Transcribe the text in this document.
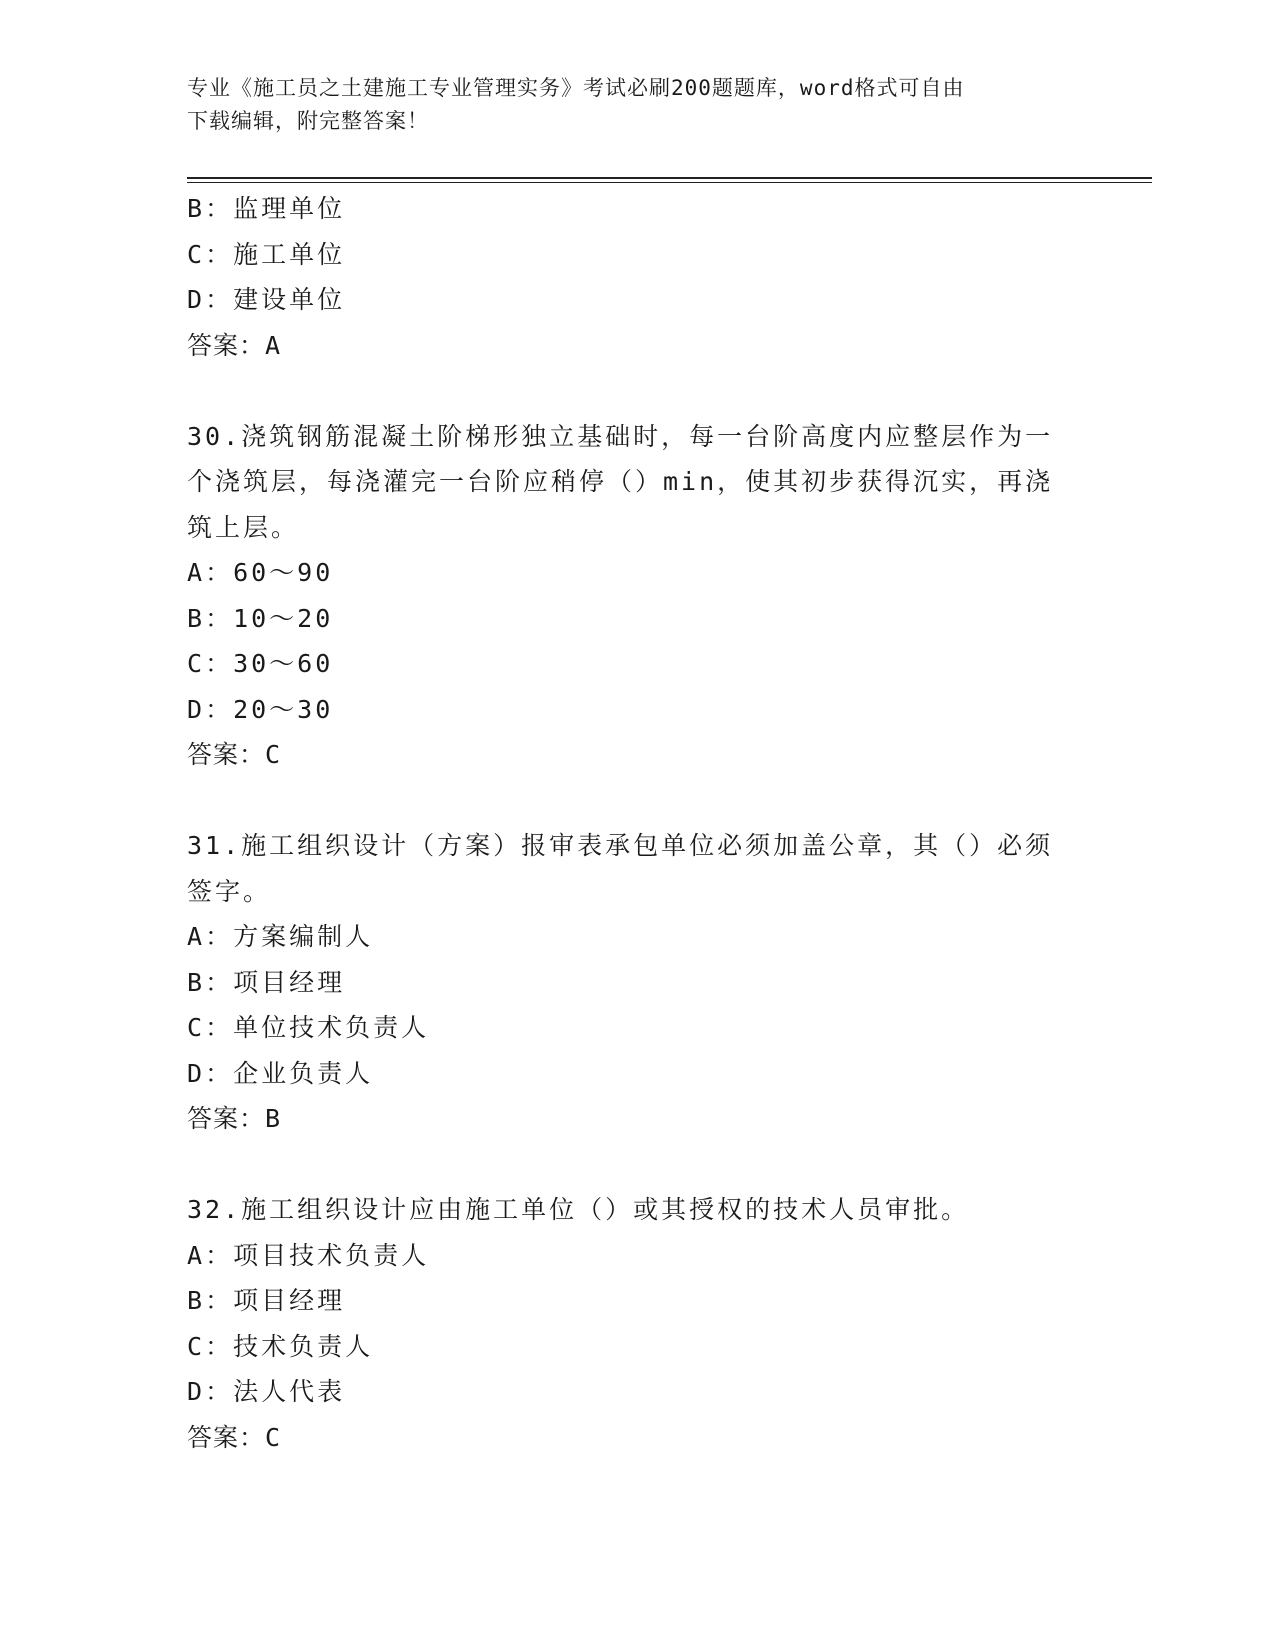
专业《施工员之土建施工专业管理实务》考试必刷200题题库，word格式可自由
下载编辑，附完整答案！
B：监理单位
C：施工单位
D：建设单位
答案：A
30.浇筑钢筋混凝土阶梯形独立基础时，每一台阶高度内应整层作为一
个浇筑层，每浇灌完一台阶应稍停（）min，使其初步获得沉实，再浇
筑上层。
A：60～90
B：10～20
C：30～60
D：20～30
答案：C
31.施工组织设计（方案）报审表承包单位必须加盖公章，其（）必须
签字。
A：方案编制人
B：项目经理
C：单位技术负责人
D：企业负责人
答案：B
32.施工组织设计应由施工单位（）或其授权的技术人员审批。
A：项目技术负责人
B：项目经理
C：技术负责人
D：法人代表
答案：C
